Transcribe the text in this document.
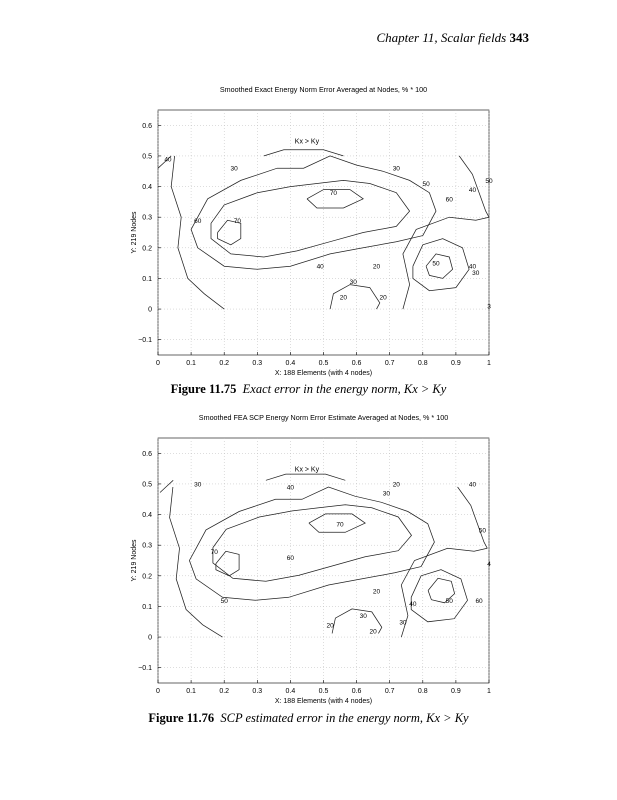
Chapter 11, Scalar fields 343
Smoothed Exact Energy Norm Error Averaged at Nodes, % * 100
0	0.1	0.2	0.3	0.4	0.5	0.6	0.7	0.8	0.9	1
0.6
0.5
0.4
0.3
0.2
0.1
0
−0.1
X: 188 Elements (with 4 nodes)
Y: 219 Nodes
Kx > Ky
40
30	30
50
40
50
70
60
60	70
40	20	50	40
30
30
20	20
3
Figure 11.75 Exact error in the energy norm, Kx > Ky
Smoothed FEA SCP Energy Norm Error Estimate Averaged at Nodes, % * 100
0	0.1	0.2	0.3	0.4	0.5	0.6	0.7	0.8	0.9	1
0.6
0.5
0.4
0.3
0.2
0.1
0
−0.1
X: 188 Elements (with 4 nodes)
Y: 219 Nodes
Kx > Ky
30	40	20
30
40
70
50
70
60
4
50
20
40	50	60
30
30
20
20
Figure 11.76 SCP estimated error in the energy norm, Kx > Ky
